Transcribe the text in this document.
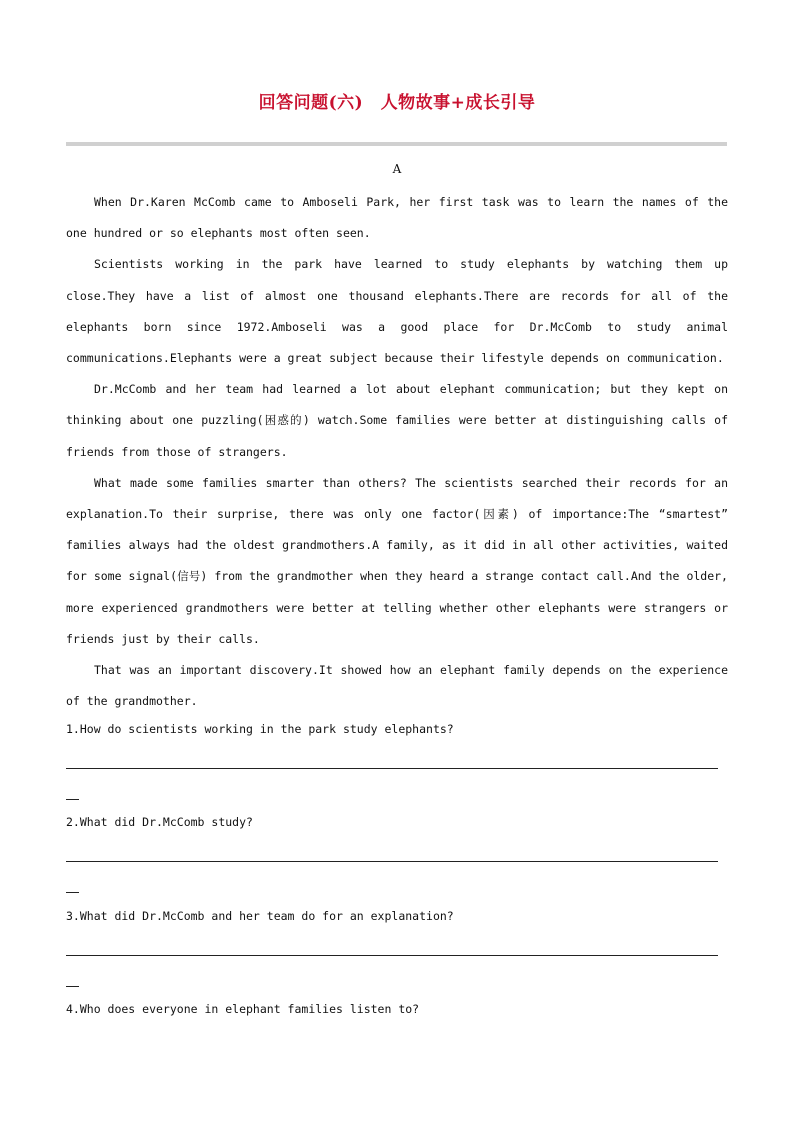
回答问题(六)　人物故事+成长引导
A

When Dr.Karen McComb came to Amboseli Park, her first task was to learn the names of the one hundred or so elephants most often seen.

Scientists working in the park have learned to study elephants by watching them up close.They have a list of almost one thousand elephants.There are records for all of the elephants born since 1972.Amboseli was a good place for Dr.McComb to study animal communications.Elephants were a great subject because their lifestyle depends on communication.

Dr.McComb and her team had learned a lot about elephant communication; but they kept on thinking about one puzzling(困惑的) watch.Some families were better at distinguishing calls of friends from those of strangers.

What made some families smarter than others? The scientists searched their records for an explanation.To their surprise, there was only one factor(因素) of importance:The “smartest” families always had the oldest grandmothers.A family, as it did in all other activities, waited for some signal(信号) from the grandmother when they heard a strange contact call.And the older, more experienced grandmothers were better at telling whether other elephants were strangers or friends just by their calls.

That was an important discovery.It showed how an elephant family depends on the experience of the grandmother.

1.How do scientists working in the park study elephants?
2.What did Dr.McComb study?
3.What did Dr.McComb and her team do for an explanation?
4.Who does everyone in elephant families listen to?
